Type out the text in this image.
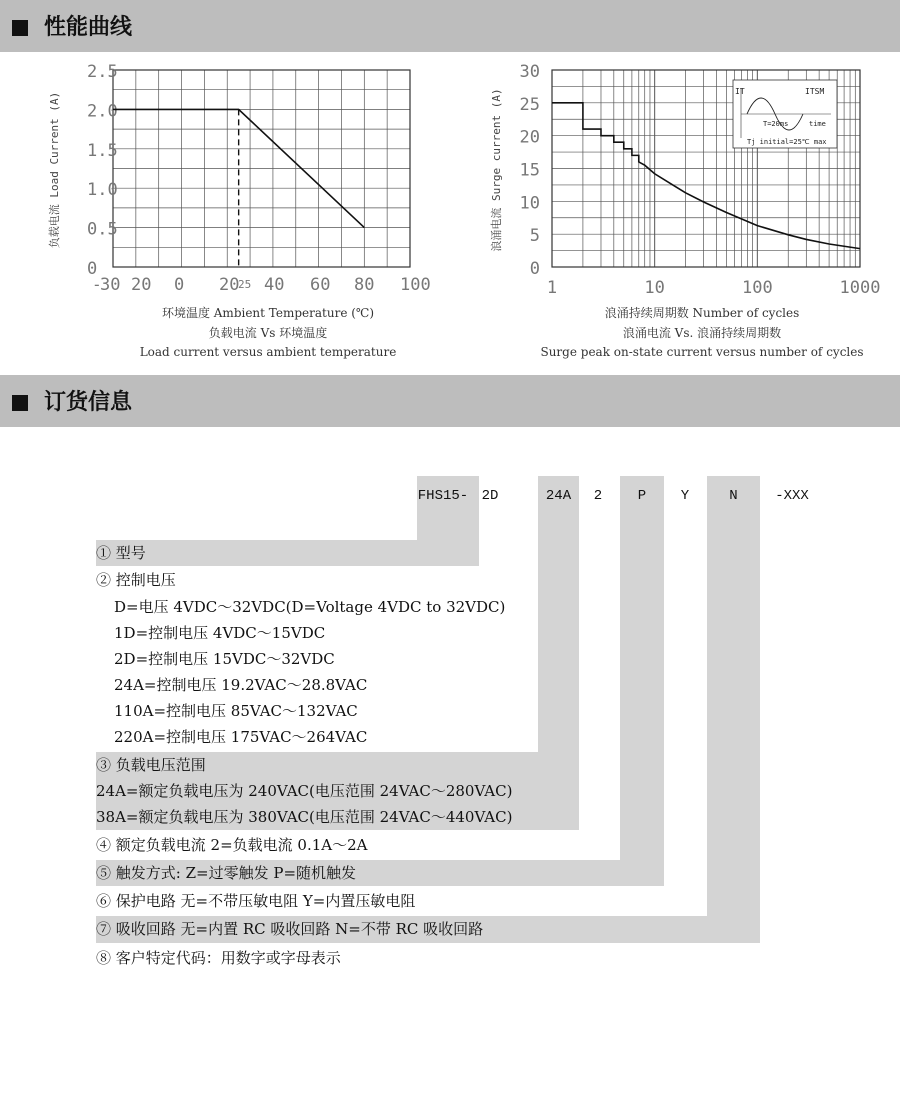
性能曲线
0
0.5
1.0
1.5
2.0
2.5
-
30 20 0 20
25 40 60 80 100
负载电流 Load Current (A)
环境温度 Ambient Temperature (℃)
负载电流 Vs 环境温度
Load current versus ambient temperature
0
5
10
15
20
25
30
1	10	100	1000
浪涌电流 Surge current (A)	IT	ITSM
T=20ms	time
Tj initial=25℃ max
浪涌持续周期数 Number of cycles
浪涌电流 Vs. 浪涌持续周期数
Surge peak on-state current versus number of cycles
订货信息
FHS15- 2D	24A	2	P	Y	N	-XXX
① 型号
② 控制电压
D=电压 4VDC～32VDC(D=Voltage 4VDC to 32VDC)
1D=控制电压 4VDC～15VDC
2D=控制电压 15VDC～32VDC
24A=控制电压 19.2VAC～28.8VAC
110A=控制电压 85VAC～132VAC
220A=控制电压 175VAC～264VAC
③ 负载电压范围
24A=额定负载电压为 240VAC(电压范围 24VAC～280VAC)
38A=额定负载电压为 380VAC(电压范围 24VAC～440VAC)
④ 额定负载电流 2=负载电流 0.1A～2A
⑤ 触发方式: Z=过零触发 P=随机触发
⑥ 保护电路 无=不带压敏电阻 Y=内置压敏电阻
⑦ 吸收回路 无=内置 RC 吸收回路 N=不带 RC 吸收回路
⑧ 客户特定代码：用数字或字母表示
